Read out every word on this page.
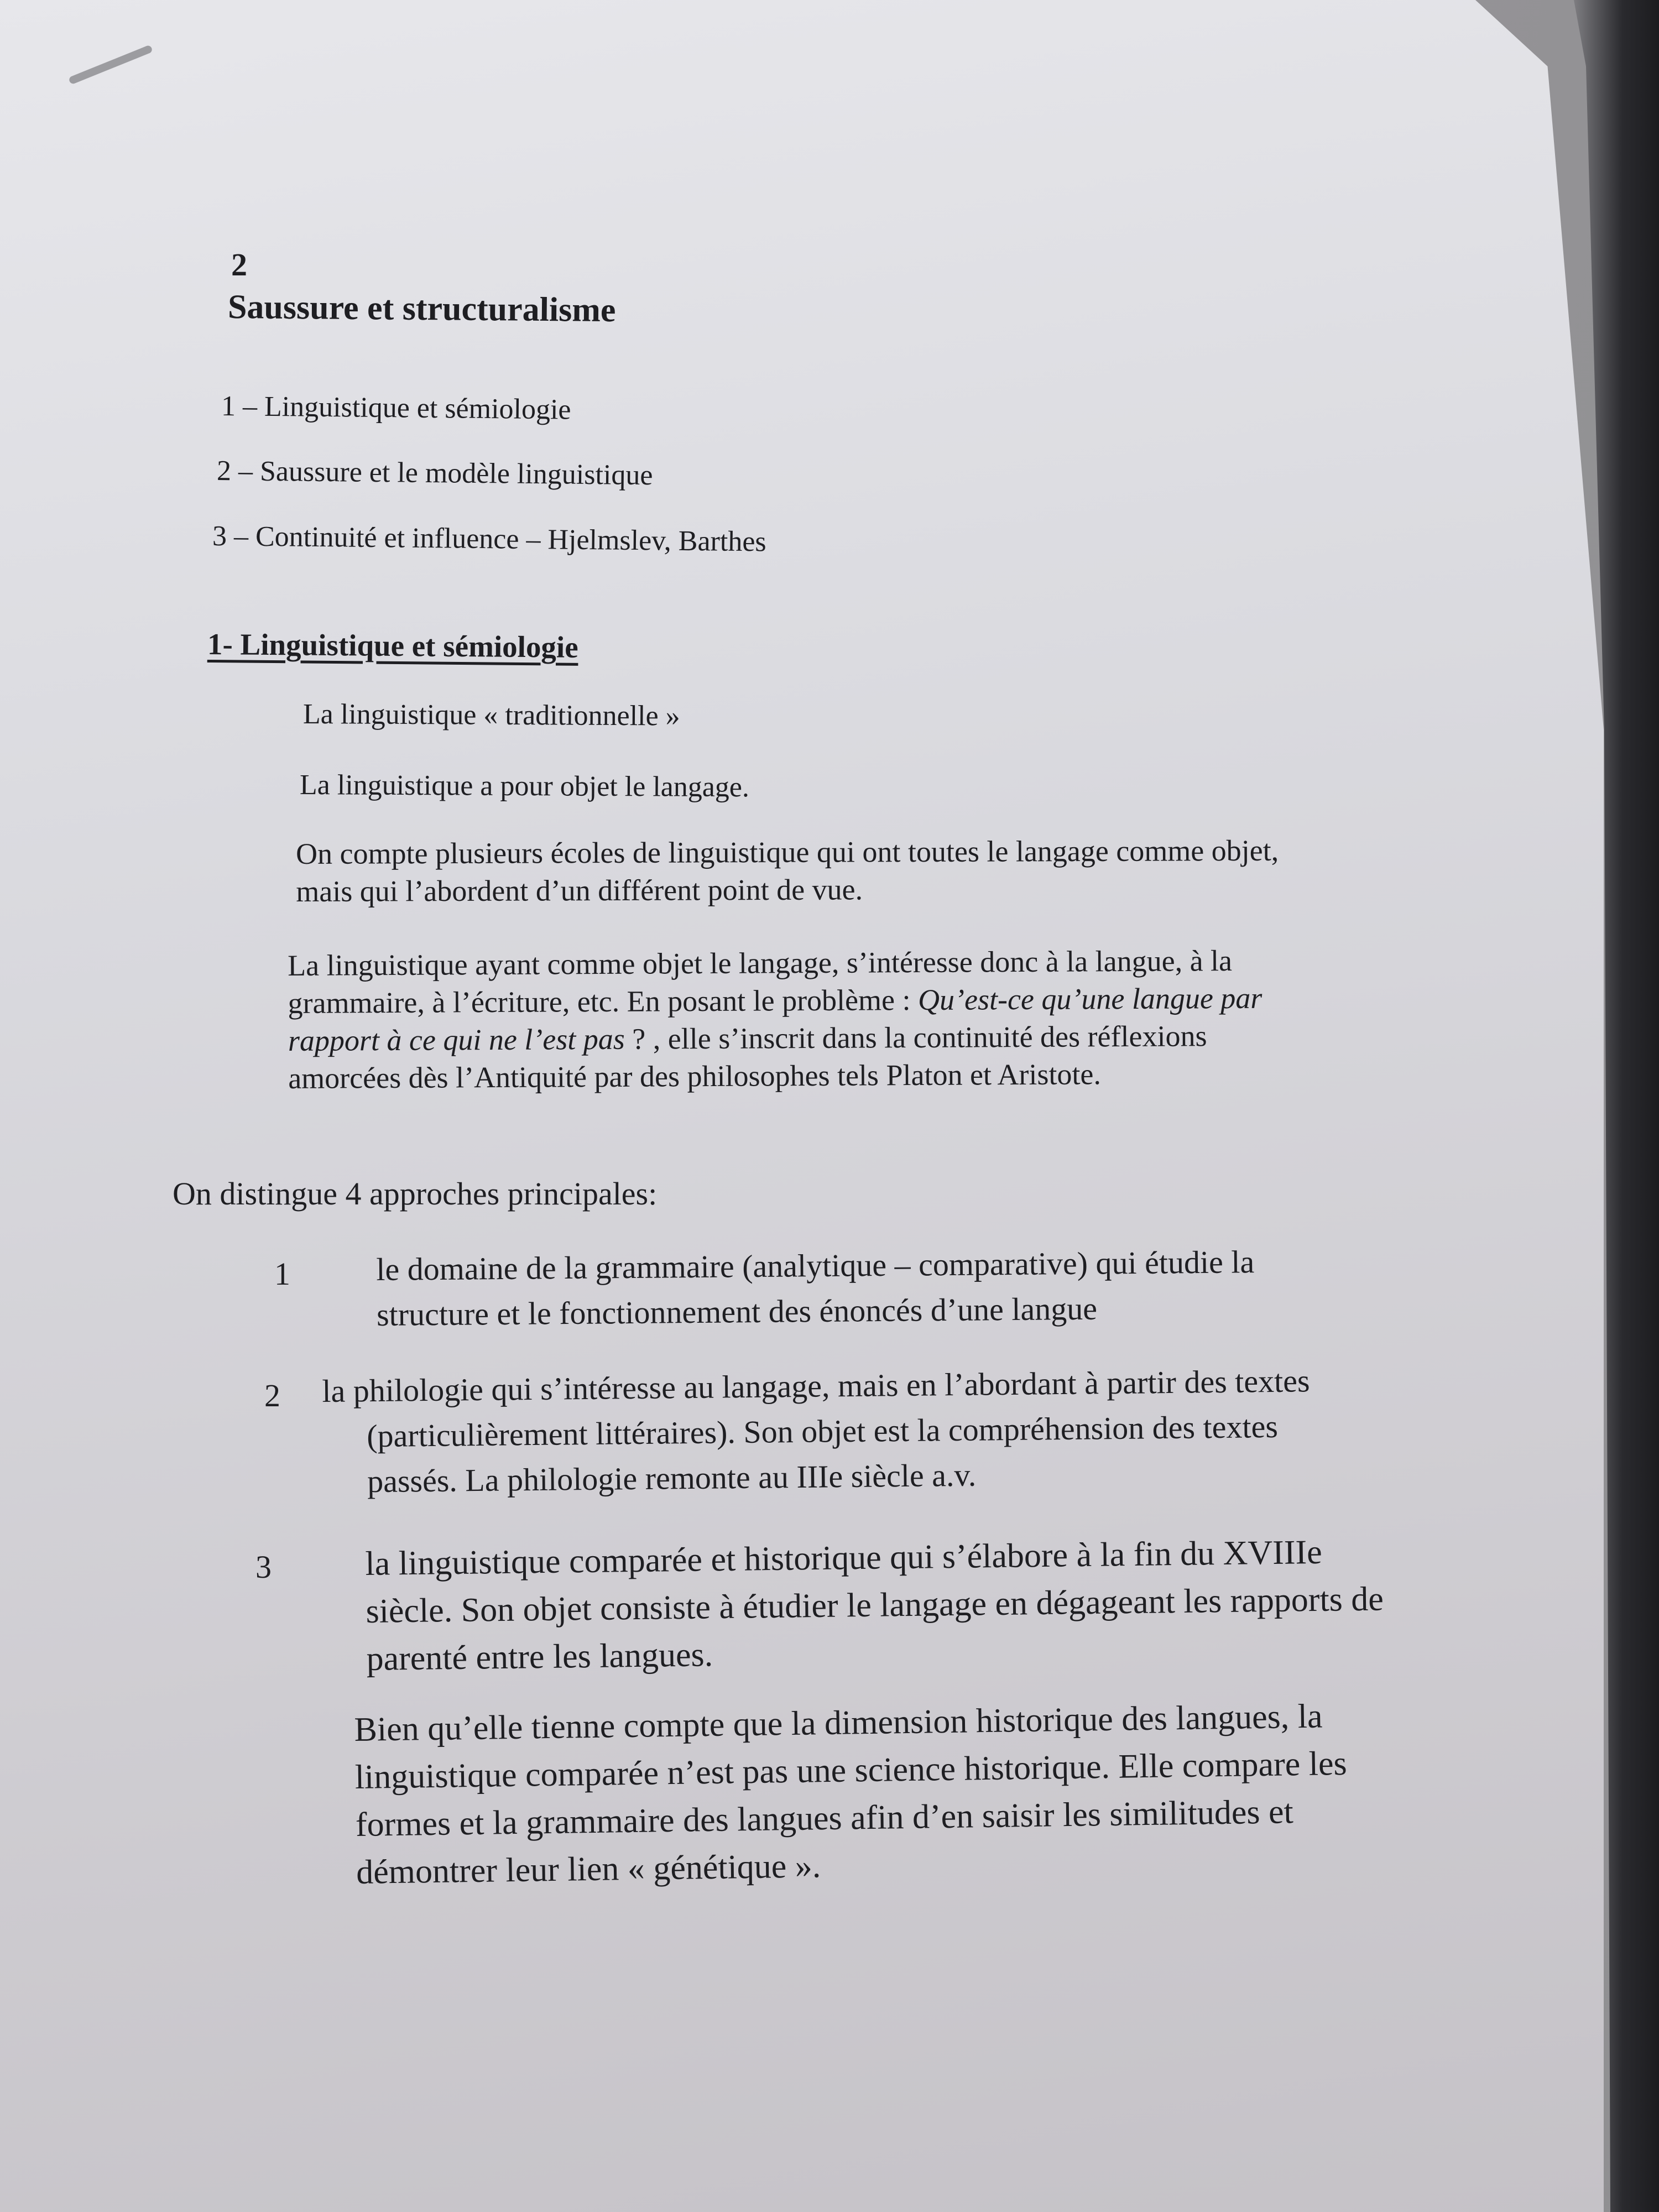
2
Saussure et structuralisme
1 – Linguistique et sémiologie
2 – Saussure et le modèle linguistique
3 – Continuité et influence – Hjelmslev, Barthes
1- Linguistique et sémiologie
La linguistique « traditionnelle »
La linguistique a pour objet le langage.
On compte plusieurs écoles de linguistique qui ont toutes le langage comme objet,
mais qui l’abordent d’un différent point de vue.
La linguistique ayant comme objet le langage, s’intéresse donc à la langue, à la
grammaire, à l’écriture, etc. En posant le problème : Qu’est-ce qu’une langue par
rapport à ce qui ne l’est pas ? , elle s’inscrit dans la continuité des réflexions
amorcées dès l’Antiquité par des philosophes tels Platon et Aristote.
On distingue 4 approches principales:
1	le domaine de la grammaire (analytique – comparative) qui étudie la
structure et le fonctionnement des énoncés d’une langue
2 la philologie qui s’intéresse au langage, mais en l’abordant à partir des textes
(particulièrement littéraires). Son objet est la compréhension des textes
passés. La philologie remonte au IIIe siècle a.v.
3	la linguistique comparée et historique qui s’élabore à la fin du XVIIIe
siècle. Son objet consiste à étudier le langage en dégageant les rapports de
parenté entre les langues.
Bien qu’elle tienne compte que la dimension historique des langues, la
linguistique comparée n’est pas une science historique. Elle compare les
formes et la grammaire des langues afin d’en saisir les similitudes et
démontrer leur lien « génétique ».
